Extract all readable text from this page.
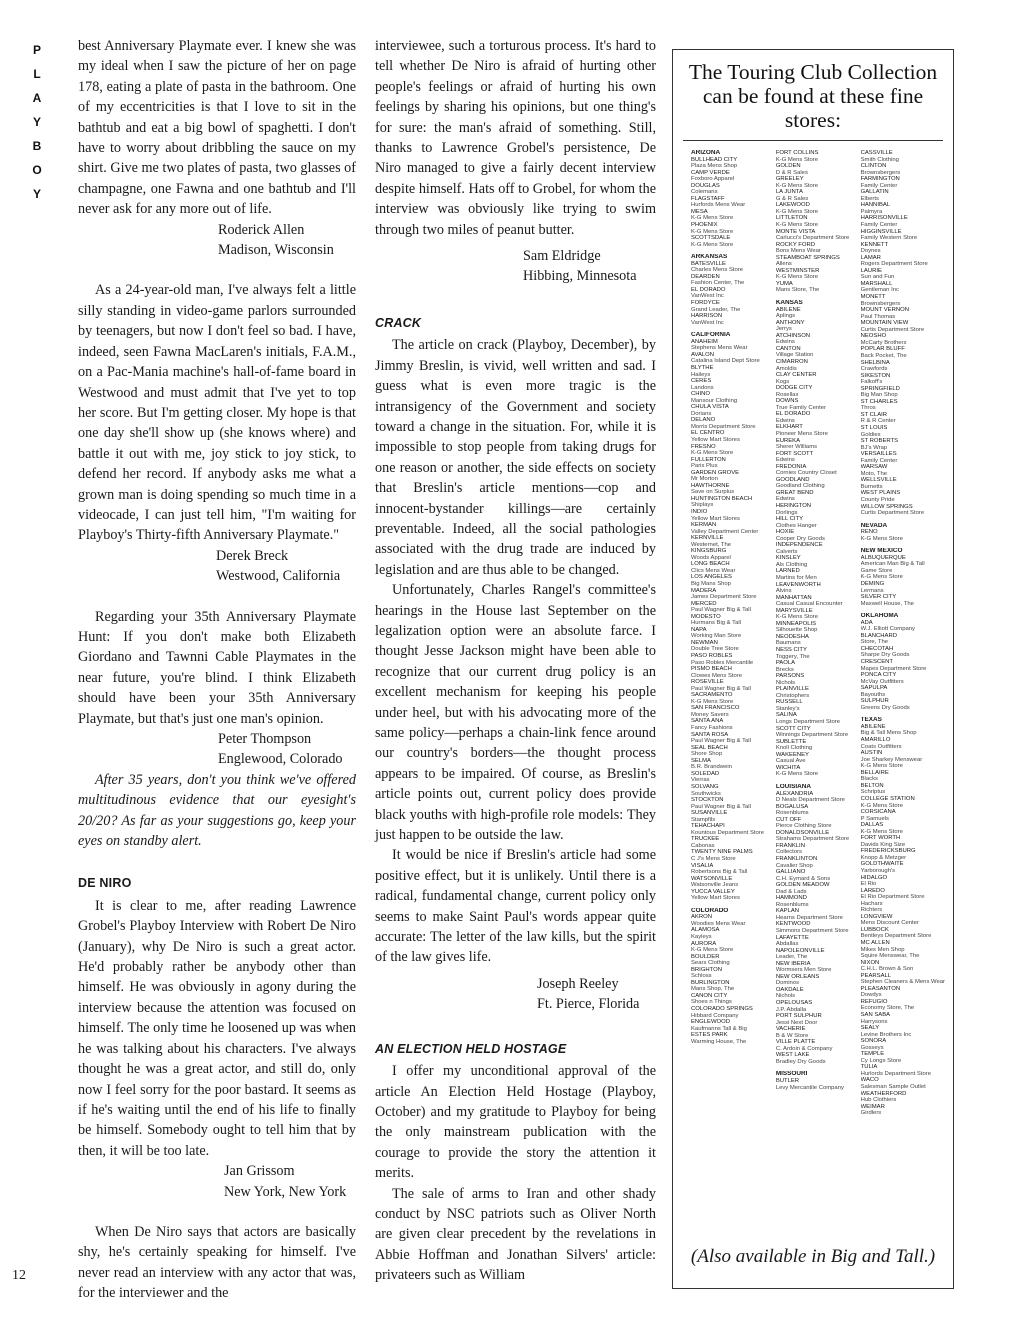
P
L
A
Y
B
O
Y
12

best Anniversary Playmate ever. I knew she was my ideal when I saw the picture of her on page 178, eating a plate of pasta in the bathroom. One of my eccentricities is that I love to sit in the bathtub and eat a big bowl of spaghetti. I don't have to worry about dribbling the sauce on my shirt. Give me two plates of pasta, two glasses of champagne, one Fawna and one bathtub and I'll never ask for any more out of life.

Roderick Allen
Madison, Wisconsin

As a 24-year-old man, I've always felt a little silly standing in video-game parlors surrounded by teenagers, but now I don't feel so bad. I have, indeed, seen Fawna MacLaren's initials, F.A.M., on a Pac-Mania machine's hall-of-fame board in Westwood and must admit that I've yet to top her score. But I'm getting closer. My hope is that one day she'll show up (she knows where) and battle it out with me, joy stick to joy stick, to defend her record. If anybody asks me what a grown man is doing spending so much time in a videocade, I can just tell him, "I'm waiting for Playboy's Thirty-fifth Anniversary Playmate."

Derek Breck
Westwood, California

Regarding your 35th Anniversary Playmate Hunt: If you don't make both Elizabeth Giordano and Tawnni Cable Playmates in the near future, you're blind. I think Elizabeth should have been your 35th Anniversary Playmate, but that's just one man's opinion.

Peter Thompson
Englewood, Colorado

After 35 years, don't you think we've offered multitudinous evidence that our eyesight's 20/20? As far as your suggestions go, keep your eyes on standby alert.

DE NIRO

It is clear to me, after reading Lawrence Grobel's Playboy Interview with Robert De Niro (January), why De Niro is such a great actor. He'd probably rather be anybody other than himself. He was obviously in agony during the interview because the attention was focused on himself. The only time he loosened up was when he was talking about his characters. I've always thought he was a great actor, and still do, only now I feel sorry for the poor bastard. It seems as if he's waiting until the end of his life to finally be himself. Somebody ought to tell him that by then, it will be too late.

Jan Grissom
New York, New York

When De Niro says that actors are basically shy, he's certainly speaking for himself. I've never read an interview with any actor that was, for the interviewer and the

interviewee, such a torturous process. It's hard to tell whether De Niro is afraid of hurting other people's feelings or afraid of hurting his own feelings by sharing his opinions, but one thing's for sure: the man's afraid of something. Still, thanks to Lawrence Grobel's persistence, De Niro managed to give a fairly decent interview despite himself. Hats off to Grobel, for whom the interview was obviously like trying to swim through two miles of peanut butter.

Sam Eldridge
Hibbing, Minnesota
CRACK

The article on crack (Playboy, December), by Jimmy Breslin, is vivid, well written and sad. I guess what is even more tragic is the intransigency of the Government and society toward a change in the situation. For, while it is impossible to stop people from taking drugs for one reason or another, the side effects on society that Breslin's article mentions—cop and innocent-bystander killings—are certainly preventable. Indeed, all the social pathologies associated with the drug trade are induced by legislation and are thus able to be changed.

Unfortunately, Charles Rangel's committee's hearings in the House last September on the legalization option were an absolute farce. I thought Jesse Jackson might have been able to recognize that our current drug policy is an excellent mechanism for keeping his people under heel, but with his advocating more of the same policy—perhaps a chain-link fence around our country's borders—the thought process appears to be impaired. Of course, as Breslin's article points out, current policy does provide black youths with high-profile role models: They just happen to be outside the law.

It would be nice if Breslin's article had some positive effect, but it is unlikely. Until there is a radical, fundamental change, current policy only seems to make Saint Paul's words appear quite accurate: The letter of the law kills, but the spirit of the law gives life.

Joseph Reeley
Ft. Pierce, Florida
AN ELECTION HELD HOSTAGE

I offer my unconditional approval of the article An Election Held Hostage (Playboy, October) and my gratitude to Playboy for being the only mainstream publication with the courage to provide the story the attention it merits.

The sale of arms to Iran and other shady conduct by NSC patriots such as Oliver North are given clear precedent by the revelations in Abbie Hoffman and Jonathan Silvers' article: privateers such as William

The Touring Club Collection can be found at these fine stores:
ARIZONA
BULLHEAD CITY
Plaza Mens Shop
CAMP VERDE
Foxboro Apparel
DOUGLAS
Colemans
FLAGSTAFF
Hurfords Mens Wear
MESA
K-G Mens Store
PHOENIX
K-G Mens Store
SCOTTSDALE
K-G Mens Store
ARKANSAS
BATESVILLE
Charles Mens Store
DEARDEN
Fashion Center, The
EL DORADO
VanWest Inc
FORDYCE
Grand Leader, The
HARRISON
VanWest Inc
CALIFORNIA
ANAHEIM
Stephens Mens Wear
AVALON
Catalina Island Dept Store
BLYTHE
Haileys
CERES
Landons
CHINO
Mansour Clothing
CHULA VISTA
Dorians
DELANO
Morris Department Store
EL CENTRO
Yellow Mart Stores
FRESNO
K-G Mens Store
FULLERTON
Paris Plus
GARDEN GROVE
Mr Morton
HAWTHORNE
Save on Surplus
HUNTINGTON BEACH
Shiplays
INDIO
Yellow Mart Stores
KERMAN
Valley Department Center
KERNVILLE
Westernet, The
KINGSBURG
Woods Apparel
LONG BEACH
Clics Mens Wear
LOS ANGELES
Big Mans Shop
MADERA
James Department Store
MERCED
Paul Wagner Big & Tall
MODESTO
Hurmans Big & Tall
NAPA
Working Man Store
NEWMAN
Double Tree Store
PASO ROBLES
Paso Robles Mercantile
PISMO BEACH
Clowes Mens Store
ROSEVILLE
Paul Wagner Big & Tall
SACRAMENTO
K-G Mens Store
SAN FRANCISCO
Money Savers
SANTA ANA
Fancy Fashions
SANTA ROSA
Paul Wagner Big & Tall
SEAL BEACH
Shore Shop
SELMA
B.R. Brandwein
SOLEDAD
Vierras
SOLVANG
Southwicks
STOCKTON
Paul Wagner Big & Tall
SUSANVILLE
Stampfils
TEHACHAPI
Kountous Department Store
TRUCKEE
Cabonas
TWENTY NINE PALMS
C J's Mens Store
VISALIA
Robertsons Big & Tall
WATSONVILLE
Watsonville Jeans
YUCCA VALLEY
Yellow Mart Stores
COLORADO
AKRON
Woodies Mens Wear
ALAMOSA
Kayleys
AURORA
K-G Mens Store
BOULDER
Sears Clothing
BRIGHTON
Schloss
BURLINGTON
Mans Shop, The
CANON CITY
Shoes n Things
COLORADO SPRINGS
Hibbard Company
ENGLEWOOD
Kaufmanns Tall & Big
ESTES PARK
Warming House, The
FORT COLLINS
K-G Mens Store
GOLDEN
D & R Sales
GREELEY
K-G Mens Store
LA JUNTA
G & R Sales
LAKEWOOD
K-G Mens Store
LITTLETON
K-G Mens Store
MONTE VISTA
Carlucci's Department Store
ROCKY FORD
Bons Mens Wear
STEAMBOAT SPRINGS
Allens
WESTMINSTER
K-G Mens Store
YUMA
Mans Store, The
KANSAS
ABILENE
Aplings
ANTHONY
Jerrys
ATCHINSON
Edwins
CANTON
Village Station
CIMARRON
Amoldis
CLAY CENTER
Kogs
DODGE CITY
Rosellas
DOWNS
True Family Center
EL DORADO
Edwins
ELKHART
Pioneer Mens Store
EUREKA
Sherer Williams
FORT SCOTT
Edwins
FREDONIA
Cornies Country Closet
GOODLAND
Goodland Clothing
GREAT BEND
Edwins
HERINGTON
Dorlings
HILL CITY
Clothes Hanger
HOXIE
Cooper Dry Goods
INDEPENDENCE
Calverts
KINSLEY
Als Clothing
LARNED
Martins for Men
LEAVENWORTH
Alvins
MANHATTAN
Casual Casual Encounter
MARYSVILLE
K-G Mens Store
MINNEAPOLIS
Silhouette Shop
NEODESHA
Baumans
NESS CITY
Toggery, The
PAOLA
Brecks
PARSONS
Nichols
PLAINVILLE
Christophers
RUSSELL
Stanley's
SALINA
Longs Department Store
SCOTT CITY
Winnings Department Store
SUBLETTE
Knoll Clothing
WAKEENEY
Casual Ave
WICHITA
K-G Mens Store
LOUISIANA
ALEXANDRIA
D Neals Department Store
BOGALUSA
Rosenblums
CUT OFF
Pierce Clothing Store
DONALDSONVILLE
Strahams Department Store
FRANKLIN
Collectors
FRANKLINTON
Cavalier Shop
GALLIANO
C.H. Eymard & Sons
GOLDEN MEADOW
Dad & Lads
HAMMOND
Rosenblums
KAPLAN
Hearns Department Store
KENTWOOD
Simmons Department Store
LAFAYETTE
Abdallas
NAPOLEONVILLE
Leader, The
NEW IBERIA
Wormsers Men Store
NEW ORLEANS
Dominos
OAKDALE
Nichols
OPELOUSAS
J.P. Abdalla
PORT SULPHUR
Jessi Next Door
VACHERIE
B & W Store
VILLE PLATTE
C. Ardoin & Company
WEST LAKE
Bradley Dry Goods
MISSOURI
BUTLER
Levy Mercantile Company
CASSVILLE
Smith Clothing
CLINTON
Brownsbergers
FARMINGTON
Family Center
GALLATIN
Elberts
HANNIBAL
Palmyra
HARRISONVILLE
Family Center
HIGGINSVILLE
Family Western Store
KENNETT
Doynes
LAMAR
Rogers Department Store
LAURIE
Sun and Fun
MARSHALL
Gentleman Inc
MONETT
Brownsbergers
MOUNT VERNON
Paul Thomas
MOUNTAIN VIEW
Curtis Department Store
NEOSHO
McCarty Brothers
POPLAR BLUFF
Back Pocket, The
SHELBINA
Crawfords
SIKESTON
Falkoff's
SPRINGFIELD
Big Man Shop
ST CHARLES
Thros
ST CLAIR
R & R Center
ST LOUIS
Goldies
ST ROBERTS
BJ's Wrap
VERSAILLES
Family Center
WARSAW
Moto, The
WELLSVILLE
Burnetts
WEST PLAINS
County Pride
WILLOW SPRINGS
Curtis Department Store
NEVADA
RENO
K-G Mens Store
NEW MEXICO
ALBUQUERQUE
American Man Big & Tall
Game Store
K-G Mens Store
DEMING
Lermans
SILVER CITY
Maxwell House, The
OKLAHOMA
ADA
W.J. Elliott Company
BLANCHARD
Store, The
CHECOTAH
Sharpe Dry Goods
CRESCENT
Mapes Department Store
PONCA CITY
McVay Outfitters
SAPULPA
Bayouths
SULPHUR
Greens Dry Goods
TEXAS
ABILENE
Big & Tall Mens Shop
AMARILLO
Coats Outfitters
AUSTIN
Joe Sharkey Menswear
K-G Mens Store
BELLAIRE
Blacks
BELTON
Schriptus
COLLEGE STATION
K-G Mens Store
CORSICANA
P Samuels
DALLAS
K-G Mens Store
FORT WORTH
Davids King Size
FREDERICKSBURG
Knopp & Metzger
GOLDTHWAITE
Yarborough's
HIDALGO
El Rio
LAREDO
El Rio Department Store
Hachars
Richters
LONGVIEW
Mens Discount Center
LUBBOCK
Bentleys Department Store
MC ALLEN
Mikes Men Shop
Squire Menswear, The
NIXON
C.H.L. Brown & Son
PEARSALL
Stephen Cleaners & Mens Wear
PLEASANTON
Dowdys
REFUGIO
Economy Store, The
SAN SABA
Harrysons
SEALY
Levine Brothers Inc
SONORA
Gosseys
TEMPLE
Cy Longs Store
TULIA
Hurlords Department Store
WACO
Salesman Sample Outlet
WEATHERFORD
Hub Clothiers
WEIMAR
Girdlers
(Also available in Big and Tall.)
